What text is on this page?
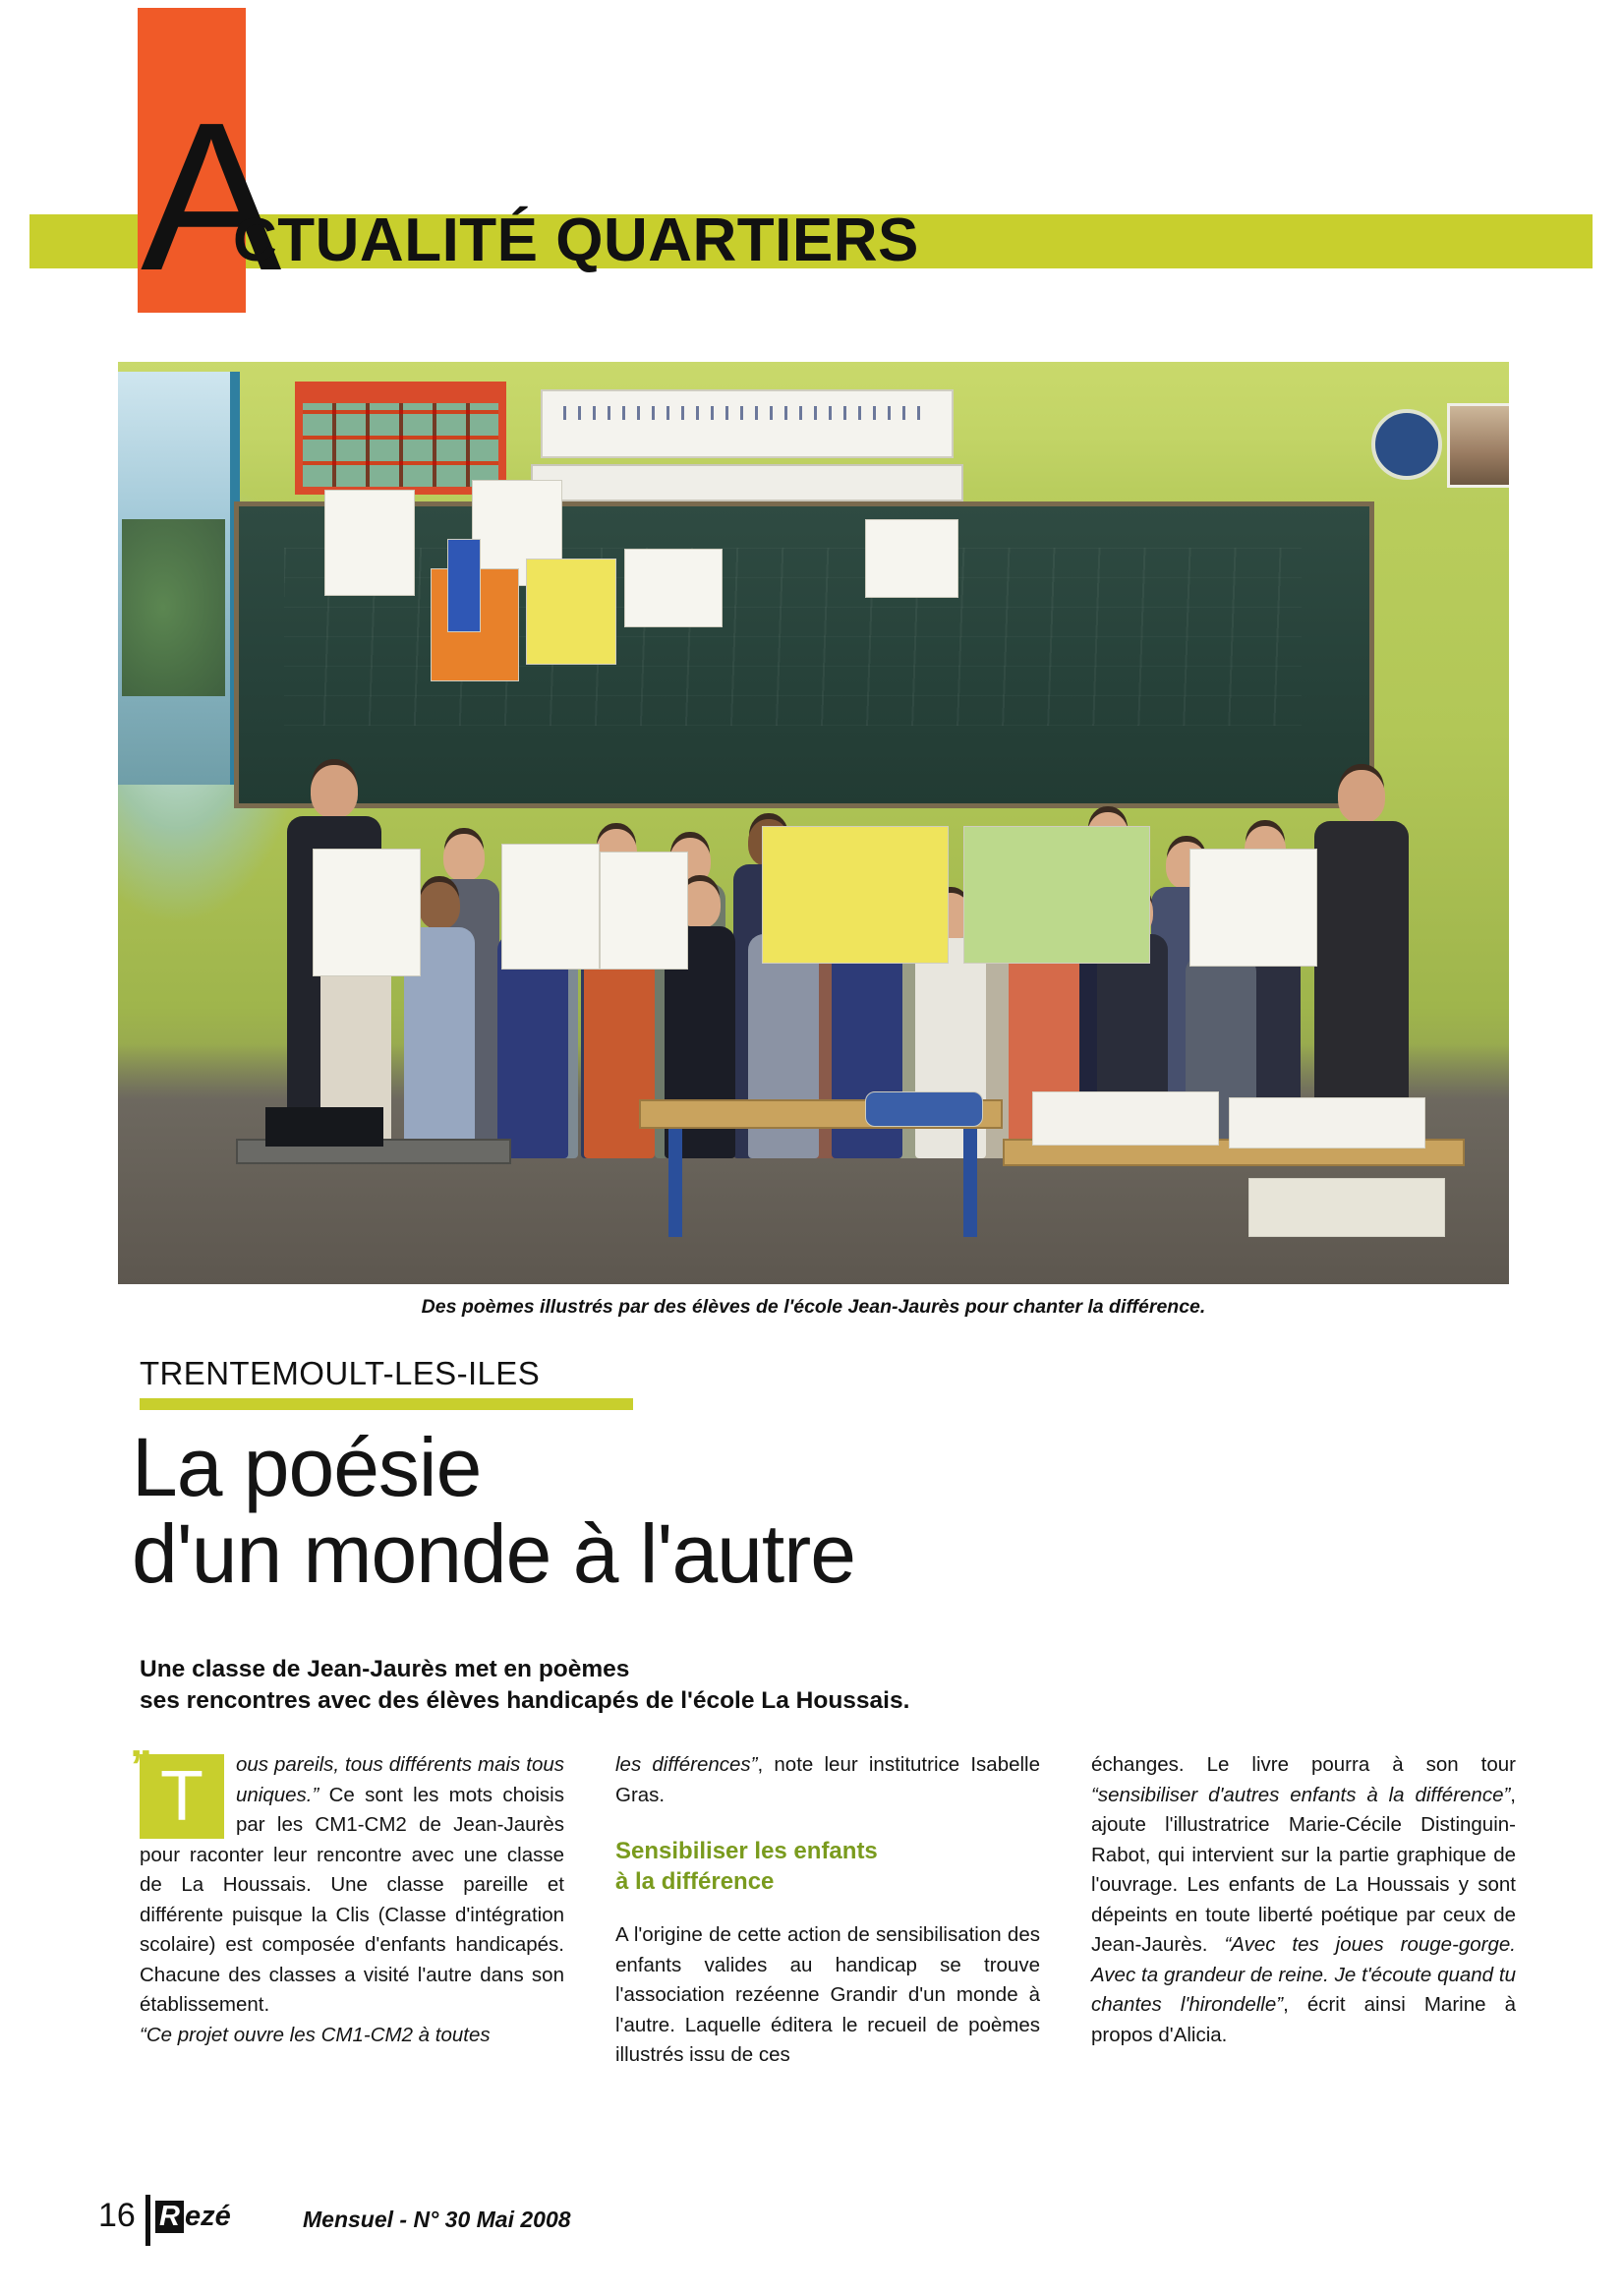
A
CTUALITÉ QUARTIERS
Des poèmes illustrés par des élèves de l'école Jean-Jaurès pour chanter la différence.
TRENTEMOULT-LES-ILES
La poésie
d'un monde à l'autre
Une classe de Jean-Jaurès met en poèmes
ses rencontres avec des élèves handicapés de l'école La Houssais.
” T	ous pareils, tous différents mais tous uniques.” Ce sont les mots choisis par les CM1-CM2 de Jean-Jaurès pour raconter leur rencontre avec une classe de La Houssais. Une classe pareille et différente puisque la Clis (Classe d'intégration scolaire) est composée d'enfants handicapés. Chacune des classes a visité l'autre dans son établissement.

“Ce projet ouvre les CM1-CM2 à toutes

les différences”, note leur institutrice Isabelle Gras.

Sensibiliser les enfants
à la différence

A l'origine de cette action de sensibilisation des enfants valides au handicap se trouve l'association rezéenne Grandir d'un monde à l'autre. Laquelle éditera le recueil de poèmes illustrés issu de ces

échanges. Le livre pourra à son tour “sensibiliser d'autres enfants à la différence”, ajoute l'illustratrice Marie-Cécile Distinguin-Rabot, qui intervient sur la partie graphique de l'ouvrage. Les enfants de La Houssais y sont dépeints en toute liberté poétique par ceux de Jean-Jaurès. “Avec tes joues rouge-gorge. Avec ta grandeur de reine. Je t'écoute quand tu chantes l'hirondelle”, écrit ainsi Marine à propos d'Alicia.

16 R ezé	Mensuel - N° 30 Mai 2008
